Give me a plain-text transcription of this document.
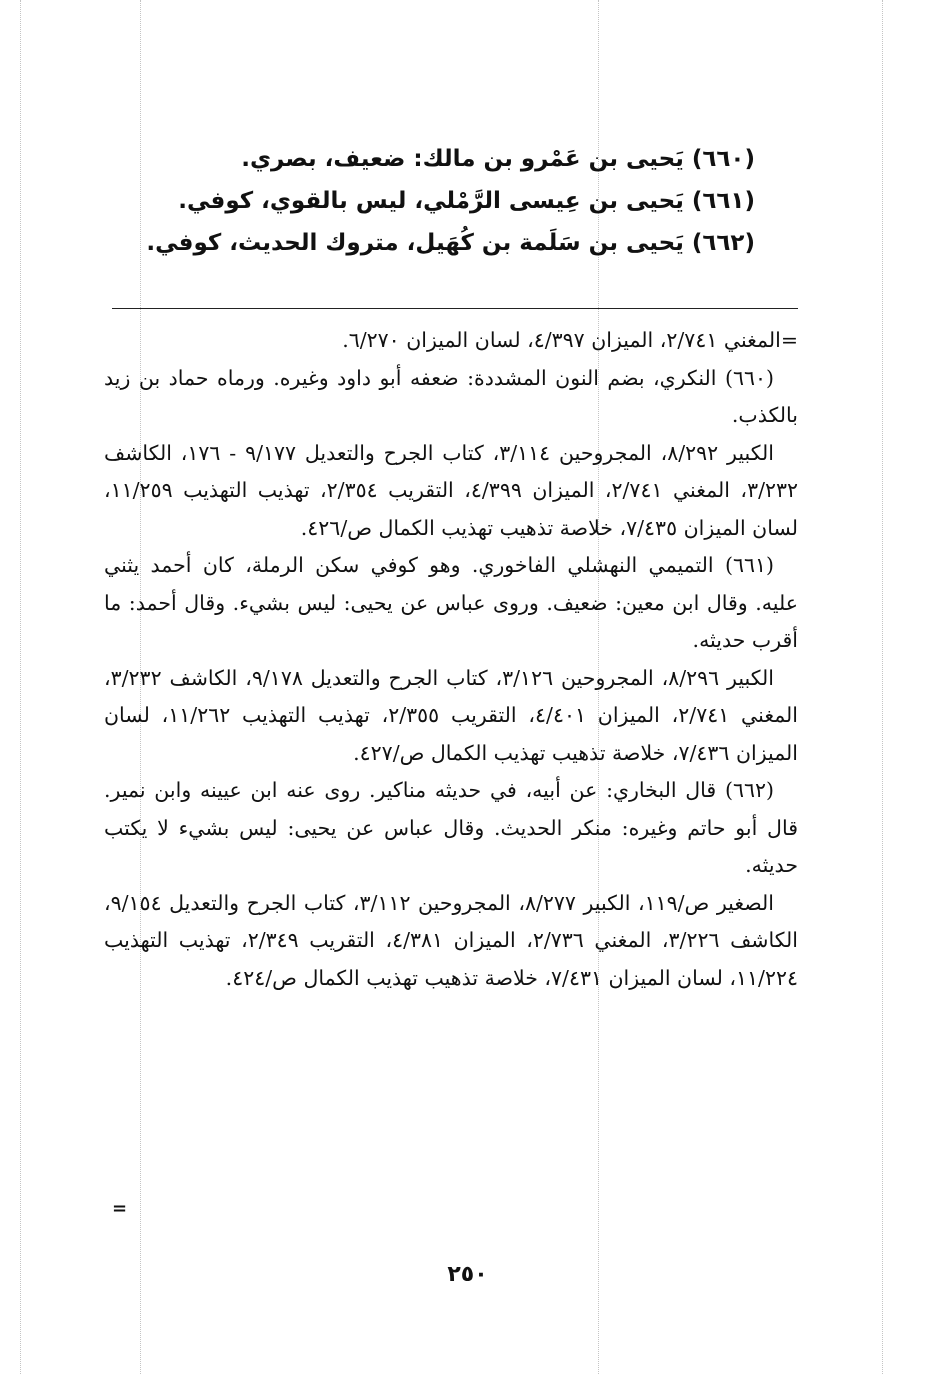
(٦٦٠) يَحيى بن عَمْرو بن مالك: ضعيف، بصري.
(٦٦١) يَحيى بن عِيسى الرَّمْلي، ليس بالقوي، كوفي.
(٦٦٢) يَحيى بن سَلَمة بن كُهَيل، متروك الحديث، كوفي.

=المغني ٢/٧٤١، الميزان ٤/٣٩٧، لسان الميزان ٦/٢٧٠.

(٦٦٠) النكري، بضم النون المشددة: ضعفه أبو داود وغيره. ورماه حماد بن زيد بالكذب.

الكبير ٨/٢٩٢، المجروحين ٣/١١٤، كتاب الجرح والتعديل ٩/١٧٧ - ١٧٦، الكاشف ٣/٢٣٢، المغني ٢/٧٤١، الميزان ٤/٣٩٩، التقريب ٢/٣٥٤، تهذيب التهذيب ١١/٢٥٩، لسان الميزان ٧/٤٣٥، خلاصة تذهيب تهذيب الكمال ص/٤٢٦.

(٦٦١) التميمي النهشلي الفاخوري. وهو كوفي سكن الرملة، كان أحمد يثني عليه. وقال ابن معين: ضعيف. وروى عباس عن يحيى: ليس بشيء. وقال أحمد: ما أقرب حديثه.

الكبير ٨/٢٩٦، المجروحين ٣/١٢٦، كتاب الجرح والتعديل ٩/١٧٨، الكاشف ٣/٢٣٢، المغني ٢/٧٤١، الميزان ٤/٤٠١، التقريب ٢/٣٥٥، تهذيب التهذيب ١١/٢٦٢، لسان الميزان ٧/٤٣٦، خلاصة تذهيب تهذيب الكمال ص/٤٢٧.

(٦٦٢) قال البخاري: عن أبيه، في حديثه مناكير. روى عنه ابن عيينه وابن نمير. قال أبو حاتم وغيره: منكر الحديث. وقال عباس عن يحيى: ليس بشيء لا يكتب حديثه.

الصغير ص/١١٩، الكبير ٨/٢٧٧، المجروحين ٣/١١٢، كتاب الجرح والتعديل ٩/١٥٤، الكاشف ٣/٢٢٦، المغني ٢/٧٣٦، الميزان ٤/٣٨١، التقريب ٢/٣٤٩، تهذيب التهذيب ١١/٢٢٤، لسان الميزان ٧/٤٣١، خلاصة تذهيب تهذيب الكمال ص/٤٢٤.

=
٢٥٠
